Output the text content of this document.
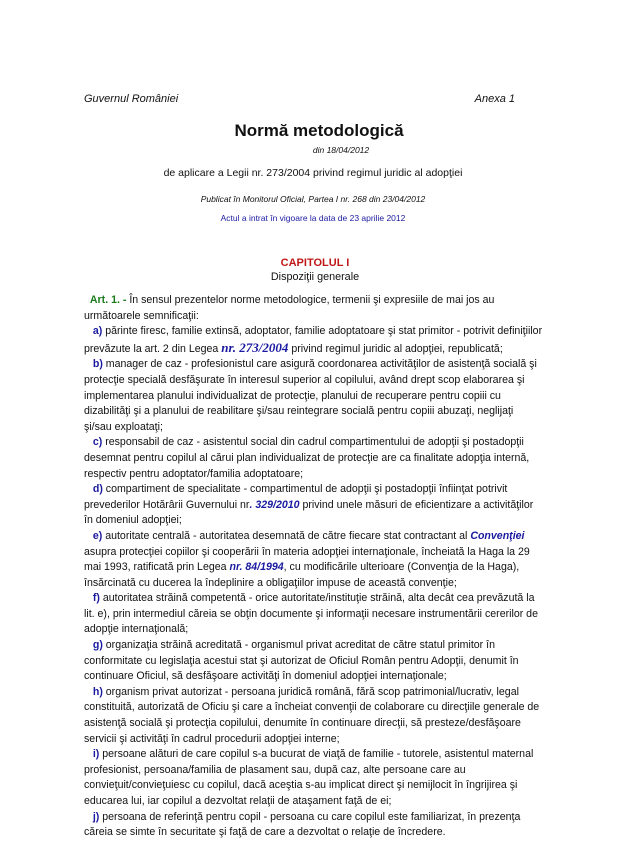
Guvernul României	Anexa 1
Normă metodologică
din 18/04/2012
de aplicare a Legii nr. 273/2004 privind regimul juridic al adopţiei
Publicat în Monitorul Oficial, Partea I nr. 268 din 23/04/2012
Actul a intrat în vigoare la data de 23 aprilie 2012
CAPITOLUL I
Dispoziţii generale

Art. 1. - În sensul prezentelor norme metodologice, termenii şi expresiile de mai jos au următoarele semnificaţii:

a) părinte firesc, familie extinsă, adoptator, familie adoptatoare şi stat primitor - potrivit definiţiilor prevăzute la art. 2 din Legea nr. 273/2004 privind regimul juridic al adopţiei, republicată;

b) manager de caz - profesionistul care asigură coordonarea activităţilor de asistenţă socială şi protecţie specială desfăşurate în interesul superior al copilului, având drept scop elaborarea şi implementarea planului individualizat de protecţie, planului de recuperare pentru copiii cu dizabilităţi şi a planului de reabilitare şi/sau reintegrare socială pentru copiii abuzaţi, neglijaţi şi/sau exploataţi;

c) responsabil de caz - asistentul social din cadrul compartimentului de adopţii şi postadopţii desemnat pentru copilul al cărui plan individualizat de protecţie are ca finalitate adopţia internă, respectiv pentru adoptator/familia adoptatoare;

d) compartiment de specialitate - compartimentul de adopţii şi postadopţii înfiinţat potrivit prevederilor Hotărârii Guvernului nr. 329/2010 privind unele măsuri de eficientizare a activităţilor în domeniul adopţiei;

e) autoritate centrală - autoritatea desemnată de către fiecare stat contractant al Convenţiei asupra protecţiei copiilor şi cooperării în materia adopţiei internaţionale, încheiată la Haga la 29 mai 1993, ratificată prin Legea nr. 84/1994, cu modificările ulterioare (Convenţia de la Haga), însărcinată cu ducerea la îndeplinire a obligaţiilor impuse de această convenţie;

f) autoritatea străină competentă - orice autoritate/instituţie străină, alta decât cea prevăzută la lit. e), prin intermediul căreia se obţin documente şi informaţii necesare instrumentării cererilor de adopţie internaţională;

g) organizaţia străină acreditată - organismul privat acreditat de către statul primitor în conformitate cu legislaţia acestui stat şi autorizat de Oficiul Român pentru Adopţii, denumit în continuare Oficiul, să desfăşoare activităţi în domeniul adopţiei internaţionale;

h) organism privat autorizat - persoana juridică română, fără scop patrimonial/lucrativ, legal constituită, autorizată de Oficiu şi care a încheiat convenţii de colaborare cu direcţiile generale de asistenţă socială şi protecţia copilului, denumite în continuare direcţii, să presteze/desfăşoare servicii şi activităţi în cadrul procedurii adopţiei interne;

i) persoane alături de care copilul s-a bucurat de viaţă de familie - tutorele, asistentul maternal profesionist, persoana/familia de plasament sau, după caz, alte persoane care au convieţuit/convieţuiesc cu copilul, dacă aceştia s-au implicat direct şi nemijlocit în îngrijirea şi educarea lui, iar copilul a dezvoltat relaţii de ataşament faţă de ei;

j) persoana de referinţă pentru copil - persoana cu care copilul este familiarizat, în prezenţa căreia se simte în securitate şi faţă de care a dezvoltat o relaţie de încredere.
